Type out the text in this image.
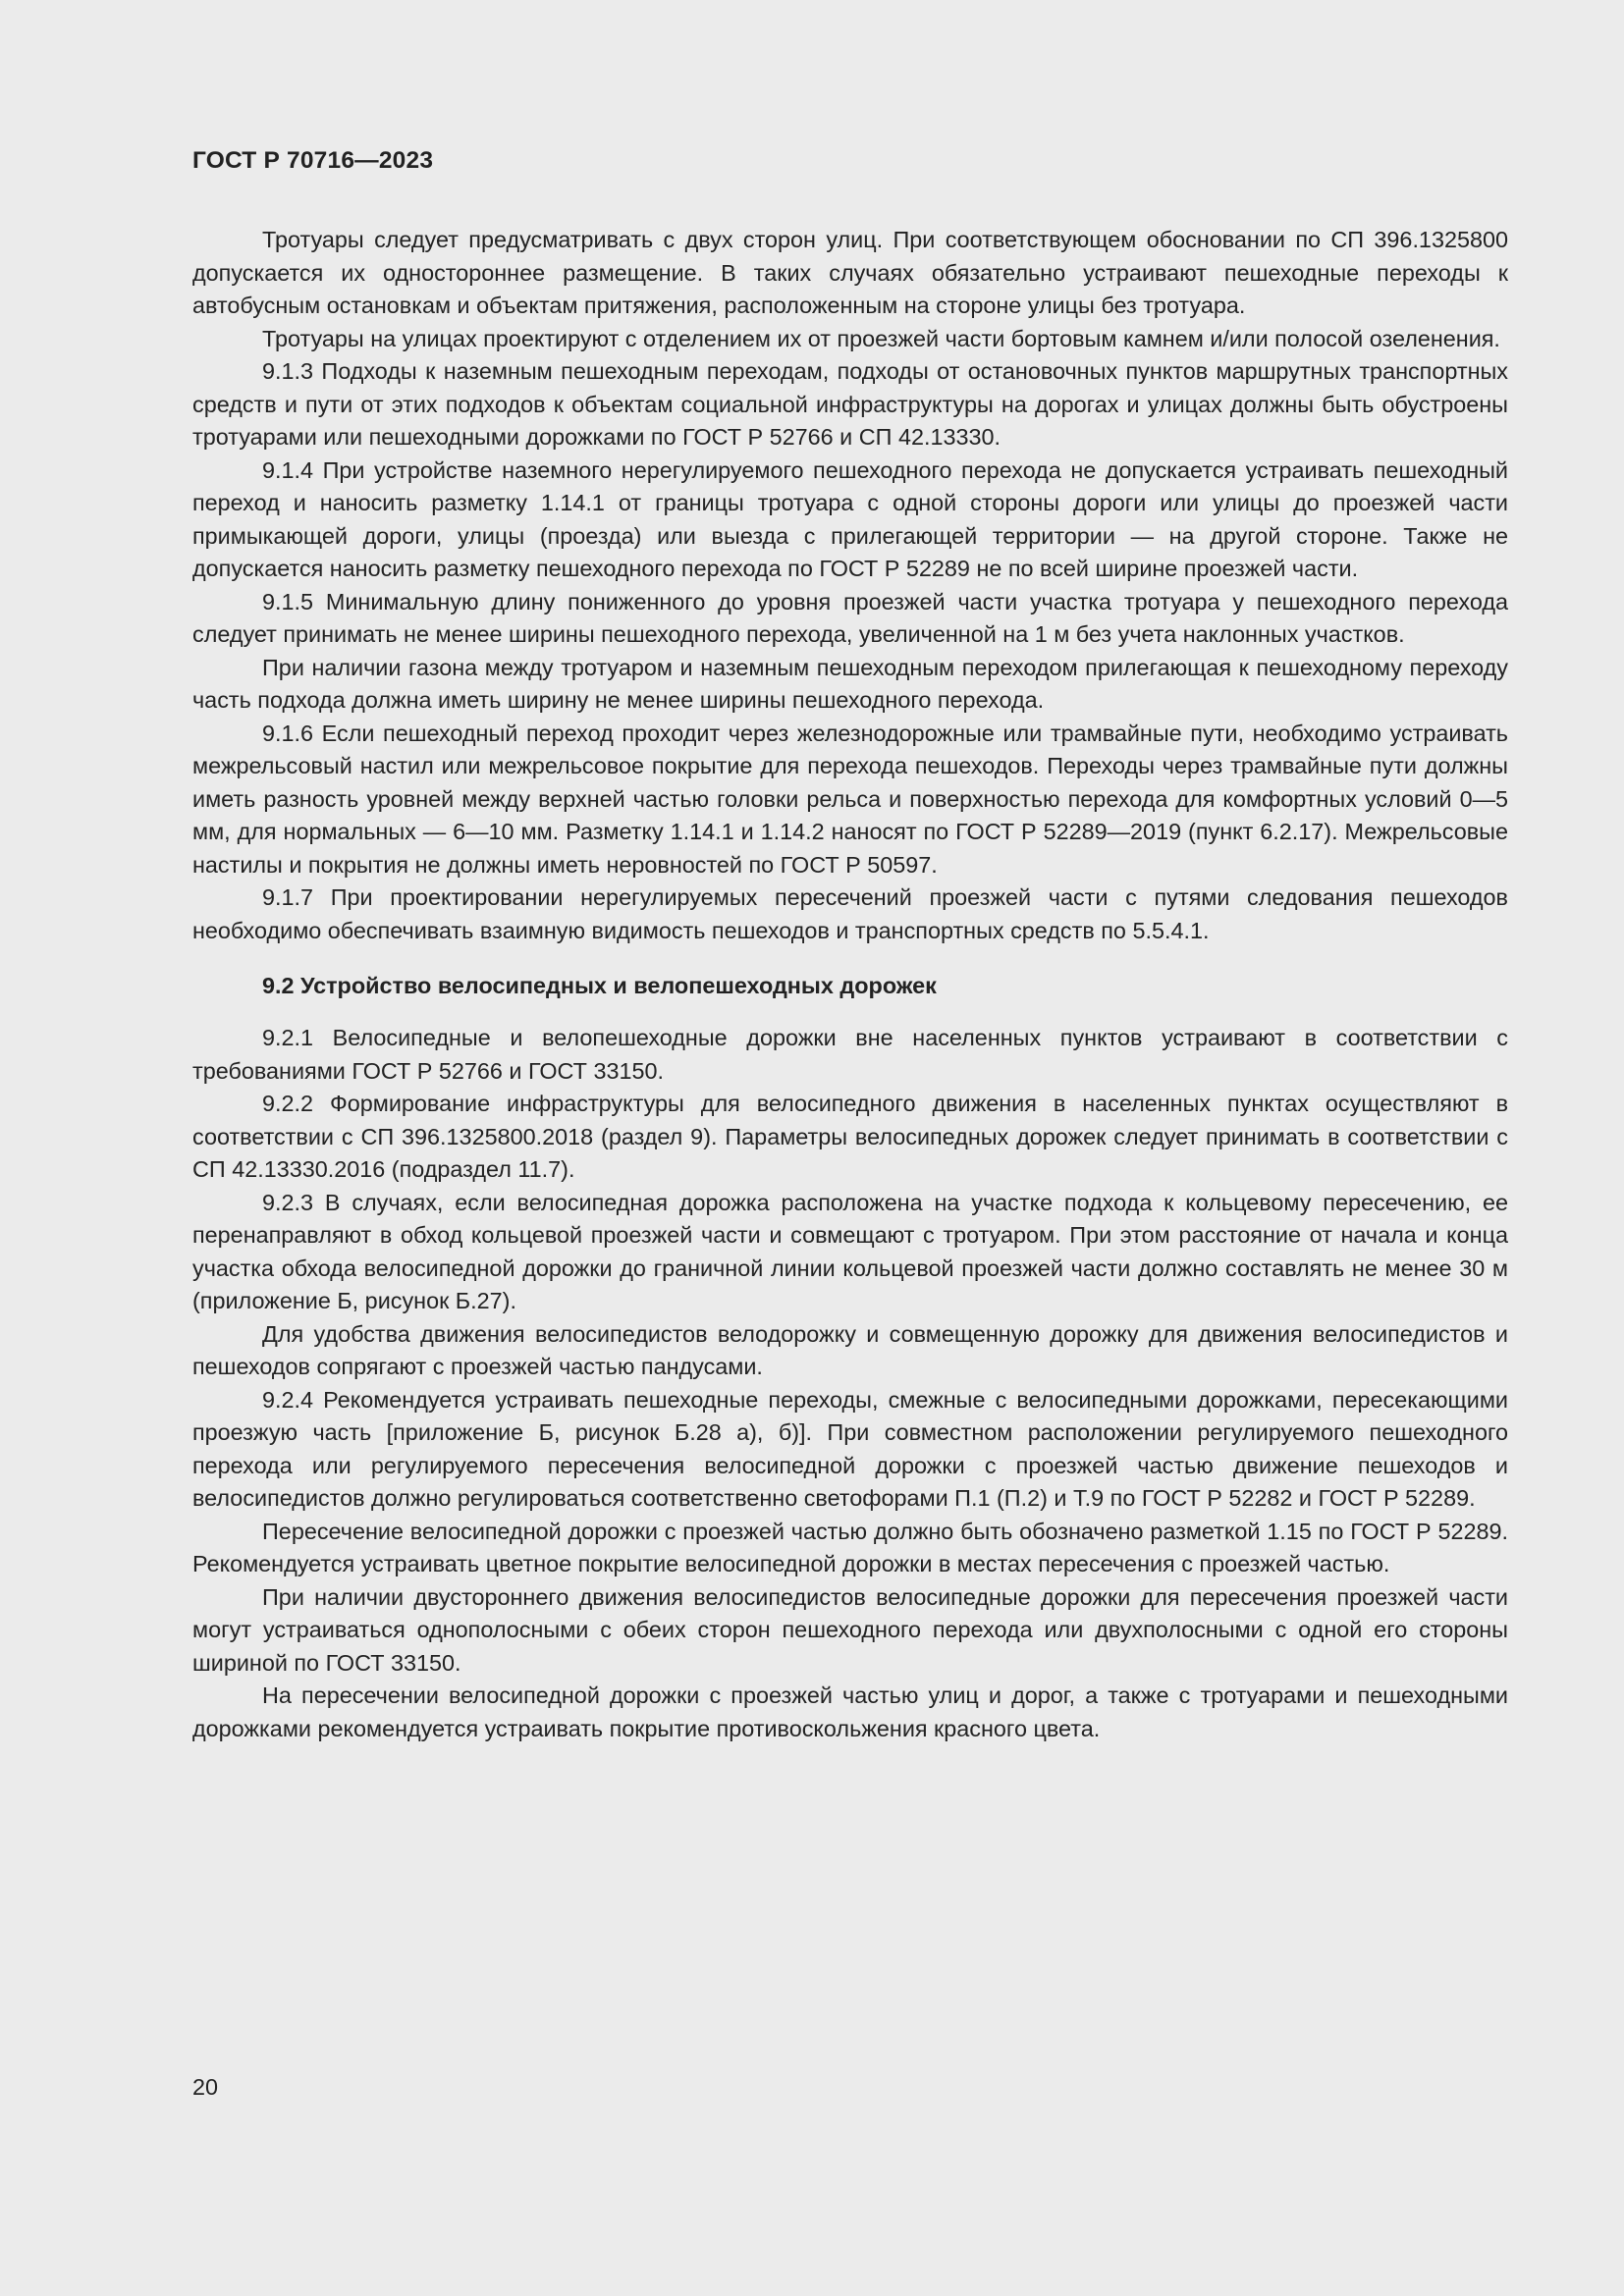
ГОСТ Р 70716—2023

Тротуары следует предусматривать с двух сторон улиц. При соответствующем обосновании по СП 396.1325800 допускается их одностороннее размещение. В таких случаях обязательно устраивают пешеходные переходы к автобусным остановкам и объектам притяжения, расположенным на стороне улицы без тротуара.

Тротуары на улицах проектируют с отделением их от проезжей части бортовым камнем и/или полосой озеленения.

9.1.3 Подходы к наземным пешеходным переходам, подходы от остановочных пунктов маршрутных транспортных средств и пути от этих подходов к объектам социальной инфраструктуры на дорогах и улицах должны быть обустроены тротуарами или пешеходными дорожками по ГОСТ Р 52766 и СП 42.13330.

9.1.4 При устройстве наземного нерегулируемого пешеходного перехода не допускается устраивать пешеходный переход и наносить разметку 1.14.1 от границы тротуара с одной стороны дороги или улицы до проезжей части примыкающей дороги, улицы (проезда) или выезда с прилегающей территории — на другой стороне. Также не допускается наносить разметку пешеходного перехода по ГОСТ Р 52289 не по всей ширине проезжей части.

9.1.5 Минимальную длину пониженного до уровня проезжей части участка тротуара у пешеходного перехода следует принимать не менее ширины пешеходного перехода, увеличенной на 1 м без учета наклонных участков.

При наличии газона между тротуаром и наземным пешеходным переходом прилегающая к пешеходному переходу часть подхода должна иметь ширину не менее ширины пешеходного перехода.

9.1.6 Если пешеходный переход проходит через железнодорожные или трамвайные пути, необходимо устраивать межрельсовый настил или межрельсовое покрытие для перехода пешеходов. Переходы через трамвайные пути должны иметь разность уровней между верхней частью головки рельса и поверхностью перехода для комфортных условий 0—5 мм, для нормальных — 6—10 мм. Разметку 1.14.1 и 1.14.2 наносят по ГОСТ Р 52289—2019 (пункт 6.2.17). Межрельсовые настилы и покрытия не должны иметь неровностей по ГОСТ Р 50597.

9.1.7 При проектировании нерегулируемых пересечений проезжей части с путями следования пешеходов необходимо обеспечивать взаимную видимость пешеходов и транспортных средств по 5.5.4.1.

9.2 Устройство велосипедных и велопешеходных дорожек

9.2.1 Велосипедные и велопешеходные дорожки вне населенных пунктов устраивают в соответствии с требованиями ГОСТ Р 52766 и ГОСТ 33150.

9.2.2 Формирование инфраструктуры для велосипедного движения в населенных пунктах осуществляют в соответствии с СП 396.1325800.2018 (раздел 9). Параметры велосипедных дорожек следует принимать в соответствии с СП 42.13330.2016 (подраздел 11.7).

9.2.3 В случаях, если велосипедная дорожка расположена на участке подхода к кольцевому пересечению, ее перенаправляют в обход кольцевой проезжей части и совмещают с тротуаром. При этом расстояние от начала и конца участка обхода велосипедной дорожки до граничной линии кольцевой проезжей части должно составлять не менее 30 м (приложение Б, рисунок Б.27).

Для удобства движения велосипедистов велодорожку и совмещенную дорожку для движения велосипедистов и пешеходов сопрягают с проезжей частью пандусами.

9.2.4 Рекомендуется устраивать пешеходные переходы, смежные с велосипедными дорожками, пересекающими проезжую часть [приложение Б, рисунок Б.28 а), б)]. При совместном расположении регулируемого пешеходного перехода или регулируемого пересечения велосипедной дорожки с проезжей частью движение пешеходов и велосипедистов должно регулироваться соответственно светофорами П.1 (П.2) и Т.9 по ГОСТ Р 52282 и ГОСТ Р 52289.

Пересечение велосипедной дорожки с проезжей частью должно быть обозначено разметкой 1.15 по ГОСТ Р 52289. Рекомендуется устраивать цветное покрытие велосипедной дорожки в местах пересечения с проезжей частью.

При наличии двустороннего движения велосипедистов велосипедные дорожки для пересечения проезжей части могут устраиваться однополосными с обеих сторон пешеходного перехода или двухполосными с одной его стороны шириной по ГОСТ 33150.

На пересечении велосипедной дорожки с проезжей частью улиц и дорог, а также с тротуарами и пешеходными дорожками рекомендуется устраивать покрытие противоскольжения красного цвета.

20
